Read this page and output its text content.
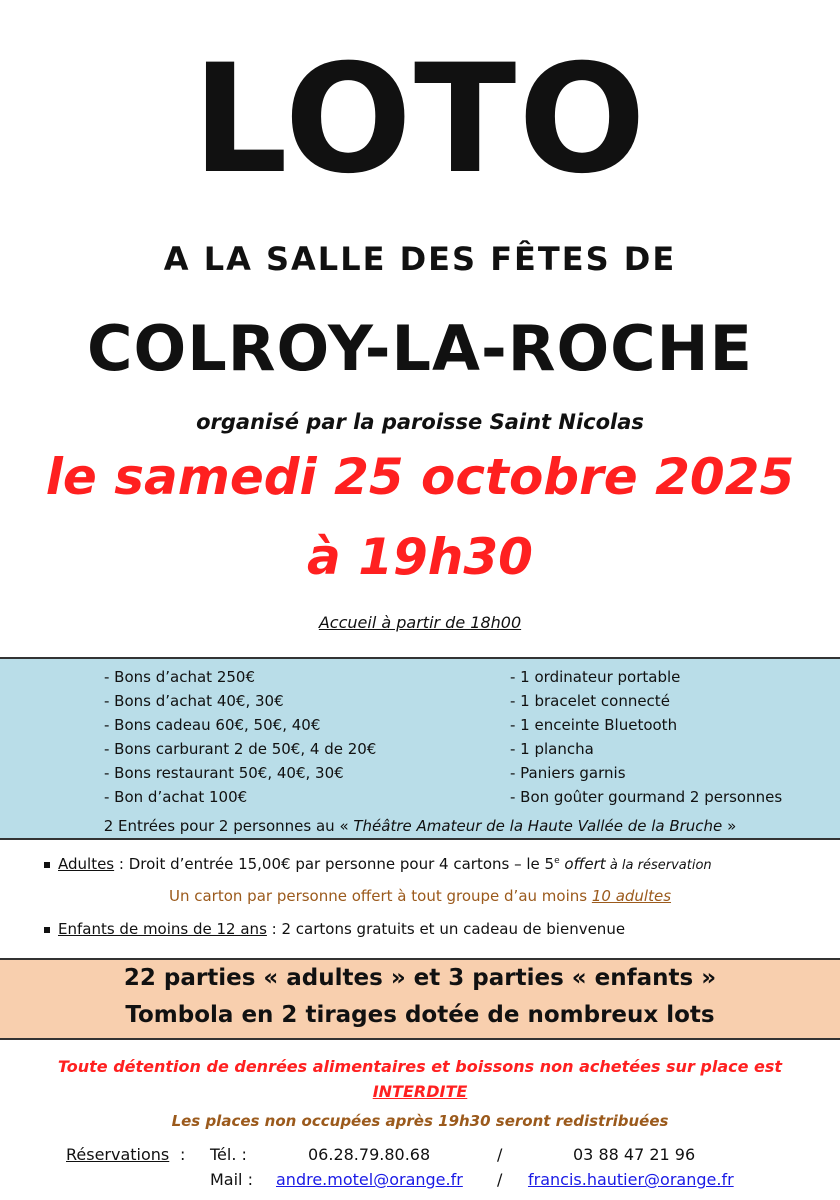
LOTO
A LA SALLE DES FÊTES DE
COLROY-LA-ROCHE
organisé par la paroisse Saint Nicolas
le samedi 25 octobre 2025
à 19h30
Accueil à partir de 18h00
- Bons d’achat 250€
- Bons d’achat 40€, 30€
- Bons cadeau 60€, 50€, 40€
- Bons carburant 2 de 50€, 4 de 20€
- Bons restaurant 50€, 40€, 30€
- Bon d’achat 100€
- 1 ordinateur portable
- 1 bracelet connecté
- 1 enceinte Bluetooth
- 1 plancha
- Paniers garnis
- Bon goûter gourmand 2 personnes
2 Entrées pour 2 personnes au « Théâtre Amateur de la Haute Vallée de la Bruche »
Adultes : Droit d’entrée 15,00€ par personne pour 4 cartons – le 5e offert à la réservation
Un carton par personne offert à tout groupe d’au moins 10 adultes
Enfants de moins de 12 ans : 2 cartons gratuits et un cadeau de bienvenue
22 parties « adultes » et 3 parties « enfants »
Tombola en 2 tirages dotée de nombreux lots
Toute détention de denrées alimentaires et boissons non achetées sur place est
INTERDITE
Les places non occupées après 19h30 seront redistribuées
Réservations : Tél. :	06.28.79.80.68	/	03 88 47 21 96
Mail : andre.motel@orange.fr / francis.hautier@orange.fr
